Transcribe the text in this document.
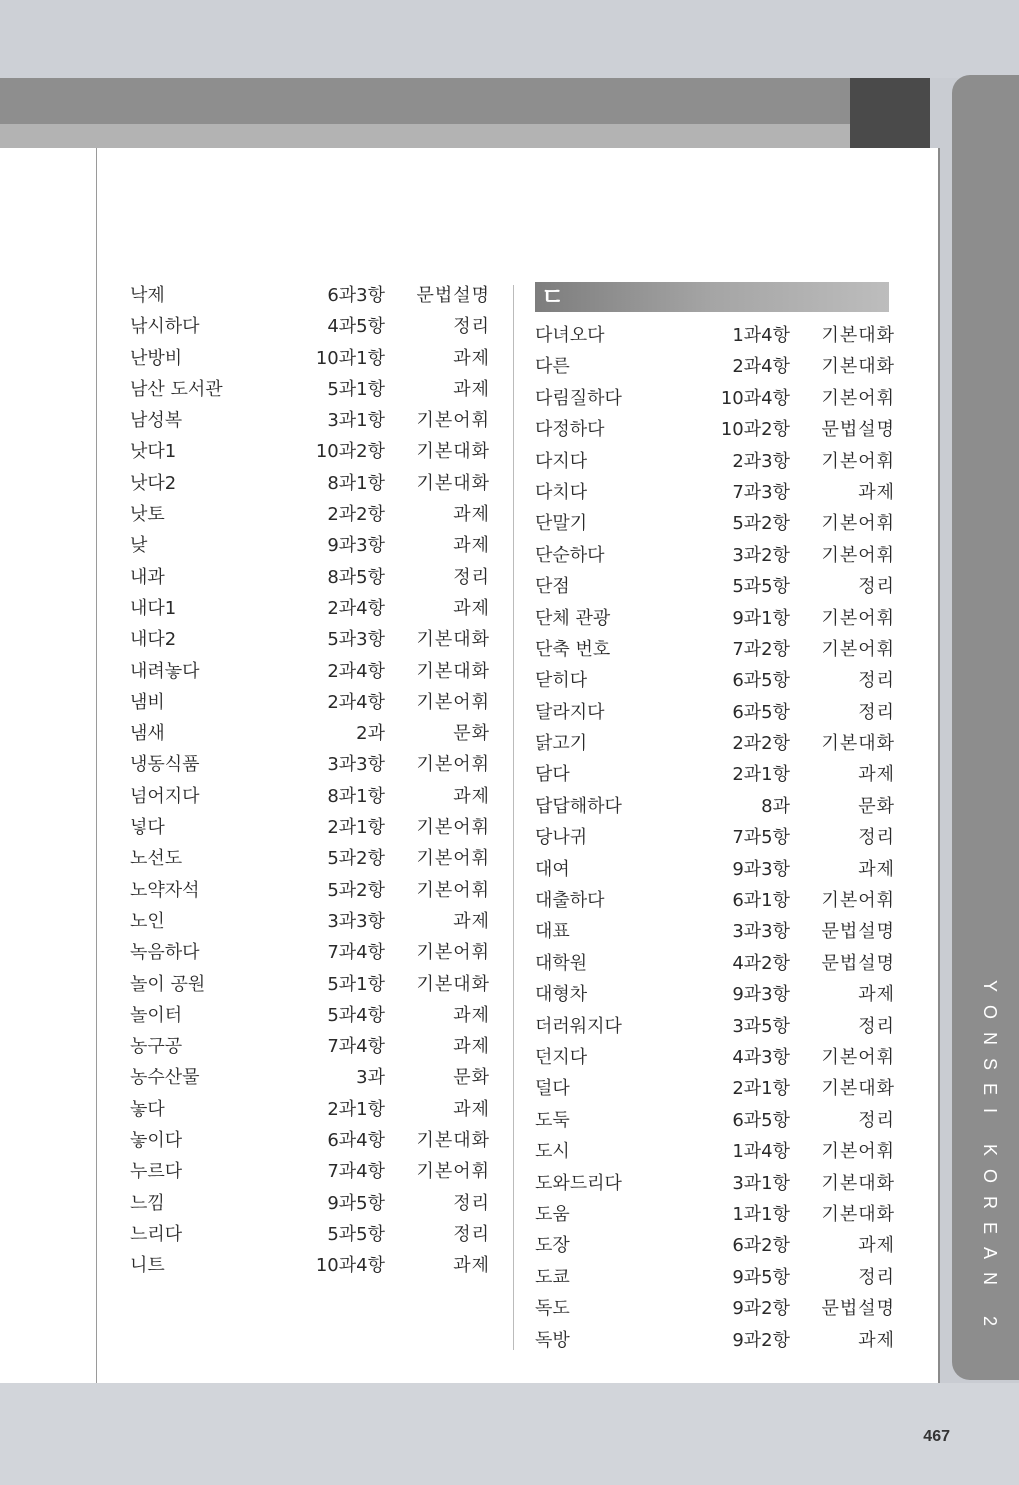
YONSEI KOREAN 2
낙제	6과3항 문법설명
낚시하다	4과5항	정리
난방비	10과1항	과제
남산 도서관	5과1항	과제
남성복	3과1항 기본어휘
낫다1	10과2항 기본대화
낫다2	8과1항 기본대화
낫토	2과2항	과제
낮	9과3항	과제
내과	8과5항	정리
내다1	2과4항	과제
내다2	5과3항 기본대화
내려놓다	2과4항 기본대화
냄비	2과4항 기본어휘
냄새	2과	문화
냉동식품	3과3항 기본어휘
넘어지다	8과1항	과제
넣다	2과1항 기본어휘
노선도	5과2항 기본어휘
노약자석	5과2항 기본어휘
노인	3과3항	과제
녹음하다	7과4항 기본어휘
놀이 공원	5과1항 기본대화
놀이터	5과4항	과제
농구공	7과4항	과제
농수산물	3과	문화
놓다	2과1항	과제
놓이다	6과4항 기본대화
누르다	7과4항 기본어휘
느낌	9과5항	정리
느리다	5과5항	정리
니트	10과4항	과제
ㄷ
다녀오다	1과4항 기본대화
다른	2과4항 기본대화
다림질하다	10과4항 기본어휘
다정하다	10과2항 문법설명
다지다	2과3항 기본어휘
다치다	7과3항	과제
단말기	5과2항 기본어휘
단순하다	3과2항 기본어휘
단점	5과5항	정리
단체 관광	9과1항 기본어휘
단축 번호	7과2항 기본어휘
닫히다	6과5항	정리
달라지다	6과5항	정리
닭고기	2과2항 기본대화
담다	2과1항	과제
답답해하다	8과	문화
당나귀	7과5항	정리
대여	9과3항	과제
대출하다	6과1항 기본어휘
대표	3과3항 문법설명
대학원	4과2항 문법설명
대형차	9과3항	과제
더러워지다	3과5항	정리
던지다	4과3항 기본어휘
덜다	2과1항 기본대화
도둑	6과5항	정리
도시	1과4항 기본어휘
도와드리다	3과1항 기본대화
도움	1과1항 기본대화
도장	6과2항	과제
도쿄	9과5항	정리
독도	9과2항 문법설명
독방	9과2항	과제
467
